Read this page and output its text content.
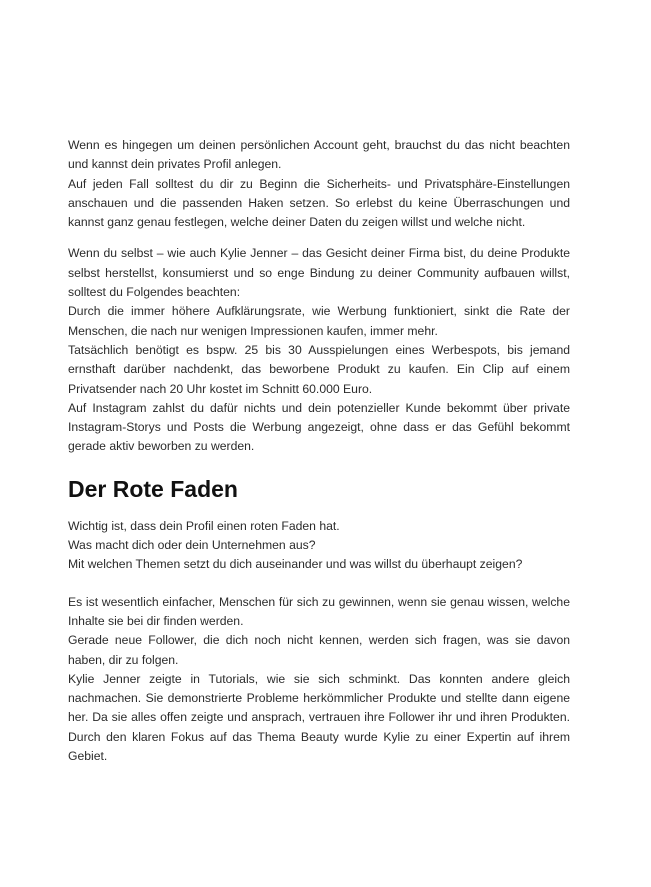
Wenn es hingegen um deinen persönlichen Account geht, brauchst du das nicht beachten und kannst dein privates Profil anlegen.
Auf jeden Fall solltest du dir zu Beginn die Sicherheits- und Privatsphäre-Einstellungen anschauen und die passenden Haken setzen. So erlebst du keine Überraschungen und kannst ganz genau festlegen, welche deiner Daten du zeigen willst und welche nicht.

Wenn du selbst – wie auch Kylie Jenner – das Gesicht deiner Firma bist, du deine Produkte selbst herstellst, konsumierst und so enge Bindung zu deiner Community aufbauen willst, solltest du Folgendes beachten:
Durch die immer höhere Aufklärungsrate, wie Werbung funktioniert, sinkt die Rate der Menschen, die nach nur wenigen Impressionen kaufen, immer mehr.
Tatsächlich benötigt es bspw. 25 bis 30 Ausspielungen eines Werbespots, bis jemand ernsthaft darüber nachdenkt, das beworbene Produkt zu kaufen. Ein Clip auf einem Privatsender nach 20 Uhr kostet im Schnitt 60.000 Euro.
Auf Instagram zahlst du dafür nichts und dein potenzieller Kunde bekommt über private Instagram-Storys und Posts die Werbung angezeigt, ohne dass er das Gefühl bekommt gerade aktiv beworben zu werden.

Der Rote Faden

Wichtig ist, dass dein Profil einen roten Faden hat.
Was macht dich oder dein Unternehmen aus?
Mit welchen Themen setzt du dich auseinander und was willst du überhaupt zeigen?

Es ist wesentlich einfacher, Menschen für sich zu gewinnen, wenn sie genau wissen, welche Inhalte sie bei dir finden werden.
Gerade neue Follower, die dich noch nicht kennen, werden sich fragen, was sie davon haben, dir zu folgen.
Kylie Jenner zeigte in Tutorials, wie sie sich schminkt. Das konnten andere gleich nachmachen. Sie demonstrierte Probleme herkömmlicher Produkte und stellte dann eigene her. Da sie alles offen zeigte und ansprach, vertrauen ihre Follower ihr und ihren Produkten. Durch den klaren Fokus auf das Thema Beauty wurde Kylie zu einer Expertin auf ihrem Gebiet.
